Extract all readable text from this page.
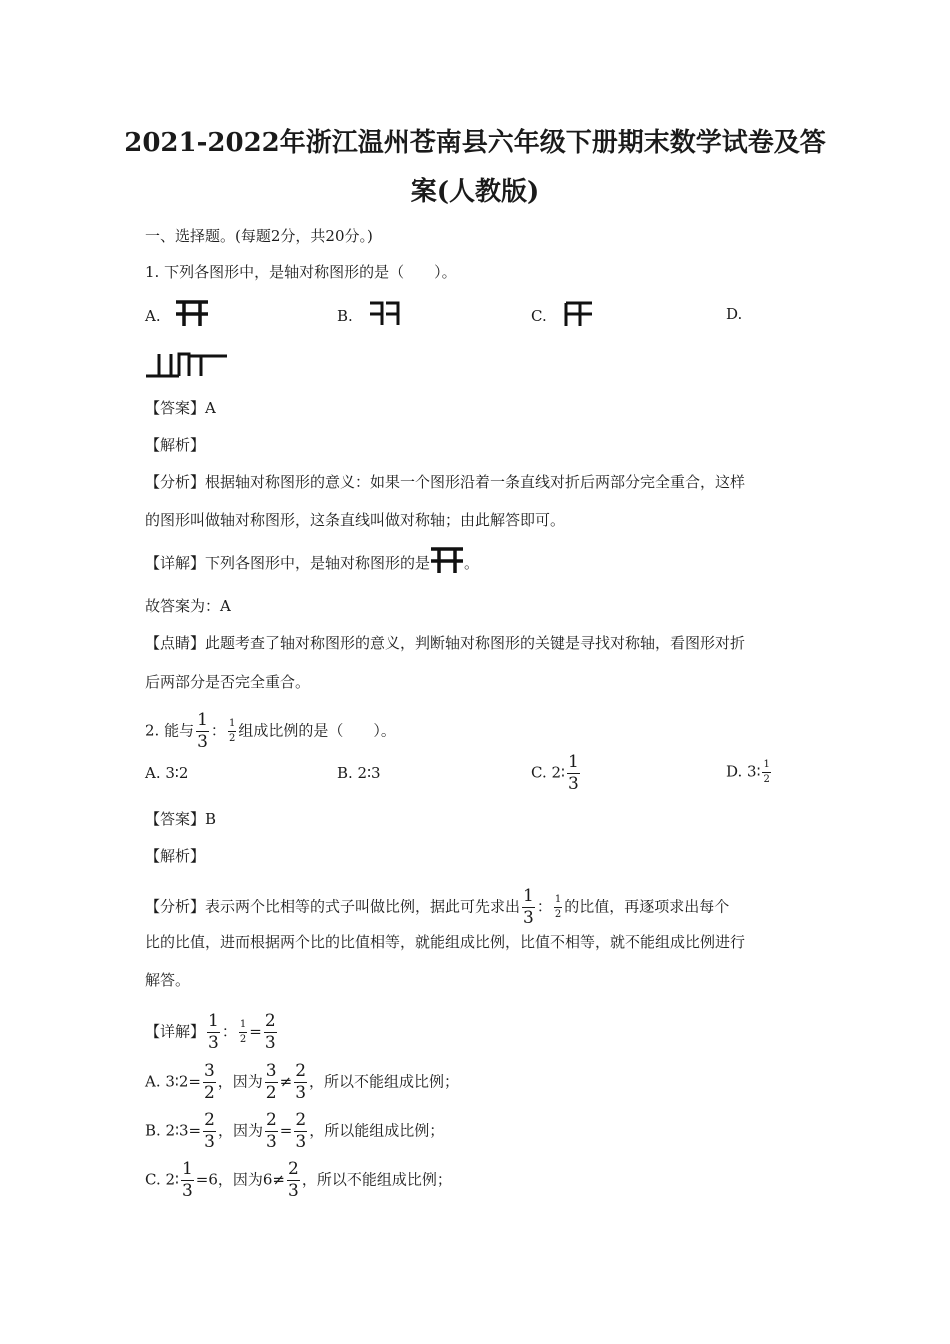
2021-2022年浙江温州苍南县六年级下册期末数学试卷及答
案(人教版)
一、选择题。(每题2分，共20分。)
1. 下列各图形中，是轴对称图形的是（　　）。
A.	B.	C.	D.
【答案】A
【解析】
【分析】根据轴对称图形的意义：如果一个图形沿着一条直线对折后两部分完全重合，这样
的图形叫做轴对称图形，这条直线叫做对称轴；由此解答即可。
【详解】下列各图形中，是轴对称图形的是 。
故答案为：A
【点睛】此题考查了轴对称图形的意义，判断轴对称图形的关键是寻找对称轴，看图形对折
后两部分是否完全重合。
2. 能与 $\frac{1}{3}$ ： $\frac{1}{2}$ 组成比例的是（　　）。
A. 3∶2	B. 2∶3	C. 2∶ $\frac{1}{3}$	D. 3∶ $\frac{1}{2}$
【答案】B
【解析】
【分析】表示两个比相等的式子叫做比例，据此可先求出 $\frac{1}{3}$ ： $\frac{1}{2}$ 的比值，再逐项求出每个
比的比值，进而根据两个比的比值相等，就能组成比例，比值不相等，就不能组成比例进行
解答。
【详解】 $\frac{1}{3}$ ： $\frac{1}{2} = \frac{2}{3}$
A. 3∶2= $\frac{3}{2}$ ，因为 $\frac{3}{2} \ne \frac{2}{3}$ ，所以不能组成比例；
B. 2∶3= $\frac{2}{3}$ ，因为 $\frac{2}{3} = \frac{2}{3}$ ，所以能组成比例；
C. 2∶ $\frac{1}{3} =6$，因为$6\ne \frac{2}{3}$ ，所以不能组成比例；
